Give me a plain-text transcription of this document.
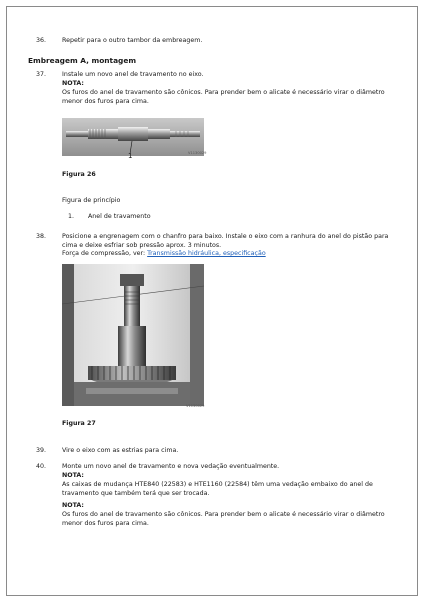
36.	Repetir para o outro tambor da embreagem.
Embreagem A, montagem
37.	Instale um novo anel de travamento no eixo.
NOTA:
Os furos do anel de travamento são cônicos. Para prender bem o alicate é necessário virar o diâmetro menor dos furos para cima.
V1130029
1
Figura 26
Figura de princípio
1. Anel de travamento
38.	Posicione a engrenagem com o chanfro para baixo. Instale o eixo com a ranhura do anel do pistão para cima e deixe esfriar sob pressão aprox. 3 minutos.
Força de compressão, ver: Transmissão hidráulica, especificação
V1130029
Figura 27
39.	Vire o eixo com as estrias para cima.
40.	Monte um novo anel de travamento e nova vedação eventualmente.
NOTA:
As caixas de mudança HTE840 (22583) e HTE1160 (22584) têm uma vedação embaixo do anel de travamento que também terá que ser trocada.
NOTA:
Os furos do anel de travamento são cônicos. Para prender bem o alicate é necessário virar o diâmetro menor dos furos para cima.
